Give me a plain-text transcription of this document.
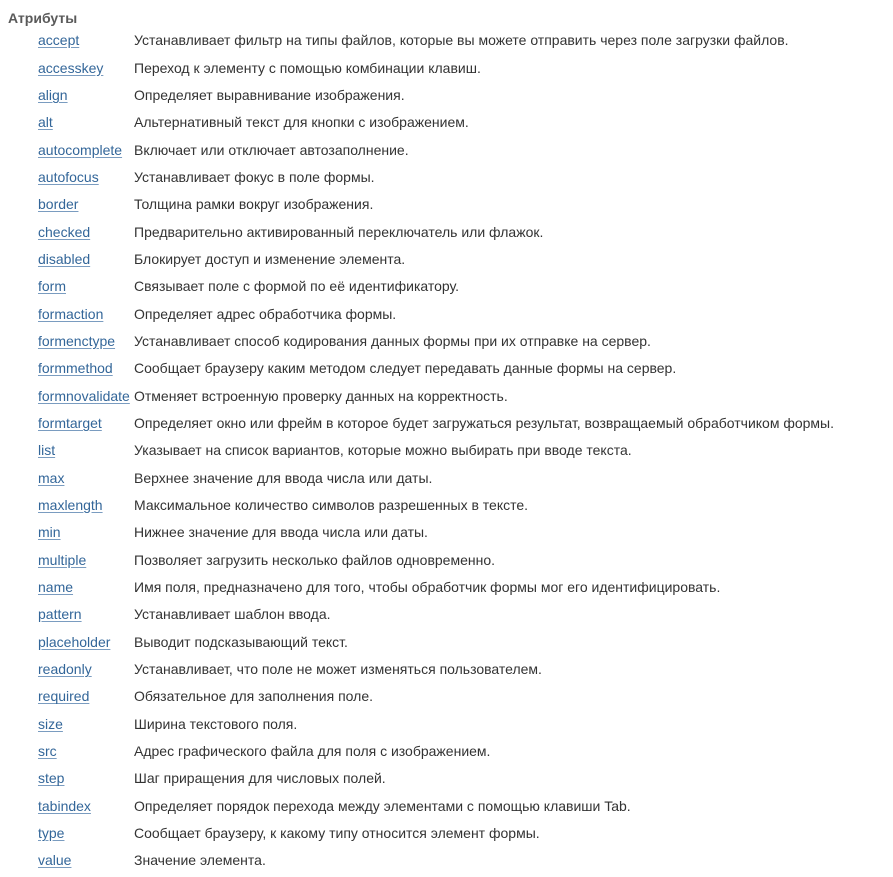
Атрибуты
accept	Устанавливает фильтр на типы файлов, которые вы можете отправить через поле загрузки файлов.
accesskey	Переход к элементу с помощью комбинации клавиш.
align	Определяет выравнивание изображения.
alt	Альтернативный текст для кнопки с изображением.
autocomplete	Включает или отключает автозаполнение.
autofocus	Устанавливает фокус в поле формы.
border	Толщина рамки вокруг изображения.
checked	Предварительно активированный переключатель или флажок.
disabled	Блокирует доступ и изменение элемента.
form	Связывает поле с формой по её идентификатору.
formaction	Определяет адрес обработчика формы.
formenctype	Устанавливает способ кодирования данных формы при их отправке на сервер.
formmethod	Сообщает браузеру каким методом следует передавать данные формы на сервер.
formnovalidate	Отменяет встроенную проверку данных на корректность.
formtarget	Определяет окно или фрейм в которое будет загружаться результат, возвращаемый обработчиком формы.
list	Указывает на список вариантов, которые можно выбирать при вводе текста.
max	Верхнее значение для ввода числа или даты.
maxlength	Максимальное количество символов разрешенных в тексте.
min	Нижнее значение для ввода числа или даты.
multiple	Позволяет загрузить несколько файлов одновременно.
name	Имя поля, предназначено для того, чтобы обработчик формы мог его идентифицировать.
pattern	Устанавливает шаблон ввода.
placeholder	Выводит подсказывающий текст.
readonly	Устанавливает, что поле не может изменяться пользователем.
required	Обязательное для заполнения поле.
size	Ширина текстового поля.
src	Адрес графического файла для поля с изображением.
step	Шаг приращения для числовых полей.
tabindex	Определяет порядок перехода между элементами с помощью клавиши Tab.
type	Сообщает браузеру, к какому типу относится элемент формы.
value	Значение элемента.
